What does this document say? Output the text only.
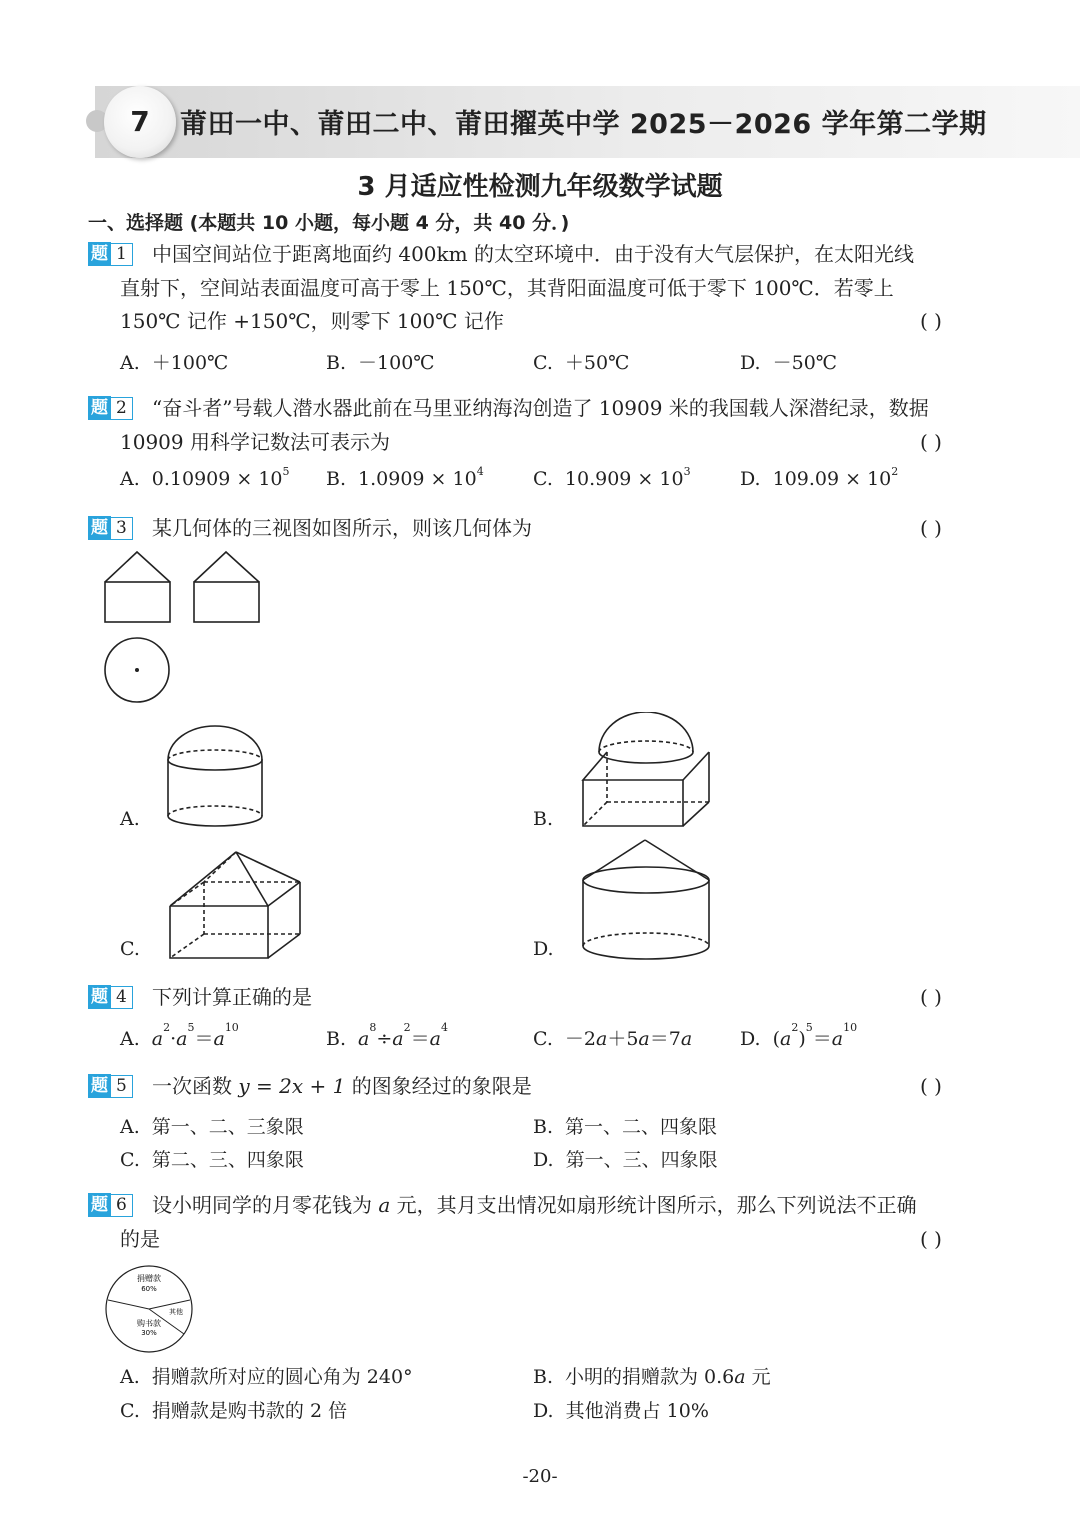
7	莆田一中、莆田二中、莆田擢英中学 2025－2026 学年第二学期
3 月适应性检测九年级数学试题
一、选择题 (本题共 10 小题，每小题 4 分，共 40 分．)
题 1	中国空间站位于距离地面约 400km 的太空环境中．由于没有大气层保护，在太阳光线
直射下，空间站表面温度可高于零上 150℃，其背阳面温度可低于零下 100℃．若零上
150℃ 记作 +150℃，则零下 100℃ 记作	( )
A. ＋100℃	B. －100℃	C. ＋50℃	D. －50℃
题 2	“奋斗者”号载人潜水器此前在马里亚纳海沟创造了 10909 米的我国载人深潜纪录，数据
10909 用科学记数法可表示为	( )
A. $0.10909 \times 10^5$ B. $1.0909 \times 10^4$	C. $10.909 \times 10^3$	D. $109.09 \times 10^2$
题 3	某几何体的三视图如图所示，则该几何体为	( )
A.	B.
C.	D.
题 4	下列计算正确的是	( )
A. $a^2\cdot a^5=a^{10}$
B. $a^8\div a^2=a^4$
C. －2a＋5a＝7a	D. $(a^2)^5=a^{10}$
题 5	一次函数 y = 2x + 1 的图象经过的象限是	( )
A. 第一、二、三象限	B. 第一、二、四象限
C. 第二、三、四象限	D. 第一、三、四象限
题 6	设小明同学的月零花钱为 a 元，其月支出情况如扇形统计图所示，那么下列说法不正确
的是	( )
捐赠款
60%
其他
购书款
30%
A. 捐赠款所对应的圆心角为 240°	B. 小明的捐赠款为 0.6a 元
C. 捐赠款是购书款的 2 倍	D. 其他消费占 10%
-20-
